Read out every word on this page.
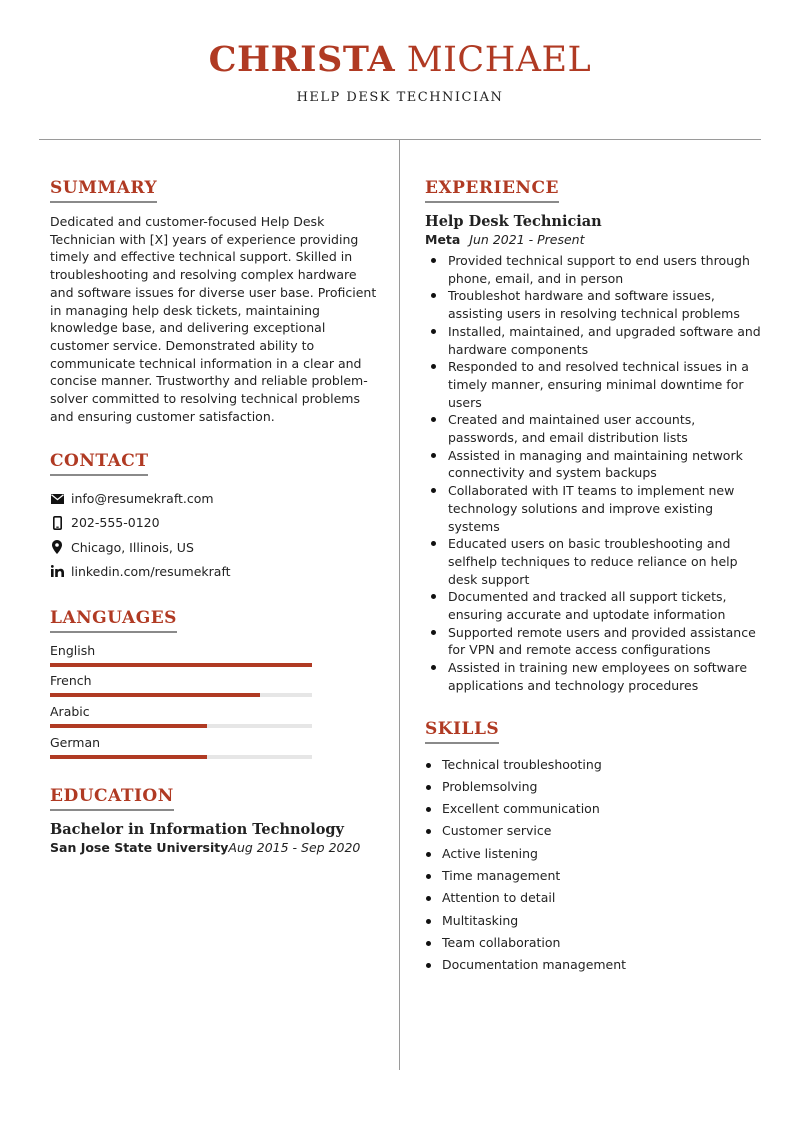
CHRISTA MICHAEL
HELP DESK TECHNICIAN
SUMMARY
Dedicated and customer-focused Help Desk Technician with [X] years of experience providing timely and effective technical support. Skilled in troubleshooting and resolving complex hardware and software issues for diverse user base. Proficient in managing help desk tickets, maintaining knowledge base, and delivering exceptional customer service. Demonstrated ability to communicate technical information in a clear and concise manner. Trustworthy and reliable problem-solver committed to resolving technical problems and ensuring customer satisfaction.
CONTACT
info@resumekraft.com
202-555-0120
Chicago, Illinois, US
linkedin.com/resumekraft
LANGUAGES
English
French
Arabic
German
EDUCATION
Bachelor in Information Technology
San Jose State University Aug 2015 - Sep 2020
EXPERIENCE
Help Desk Technician
Meta Jun 2021 - Present
Provided technical support to end users through phone, email, and in person
Troubleshot hardware and software issues, assisting users in resolving technical problems
Installed, maintained, and upgraded software and hardware components
Responded to and resolved technical issues in a timely manner, ensuring minimal downtime for users
Created and maintained user accounts, passwords, and email distribution lists
Assisted in managing and maintaining network connectivity and system backups
Collaborated with IT teams to implement new technology solutions and improve existing systems
Educated users on basic troubleshooting and selfhelp techniques to reduce reliance on help desk support
Documented and tracked all support tickets, ensuring accurate and uptodate information
Supported remote users and provided assistance for VPN and remote access configurations
Assisted in training new employees on software applications and technology procedures
SKILLS
Technical troubleshooting
Problemsolving
Excellent communication
Customer service
Active listening
Time management
Attention to detail
Multitasking
Team collaboration
Documentation management
